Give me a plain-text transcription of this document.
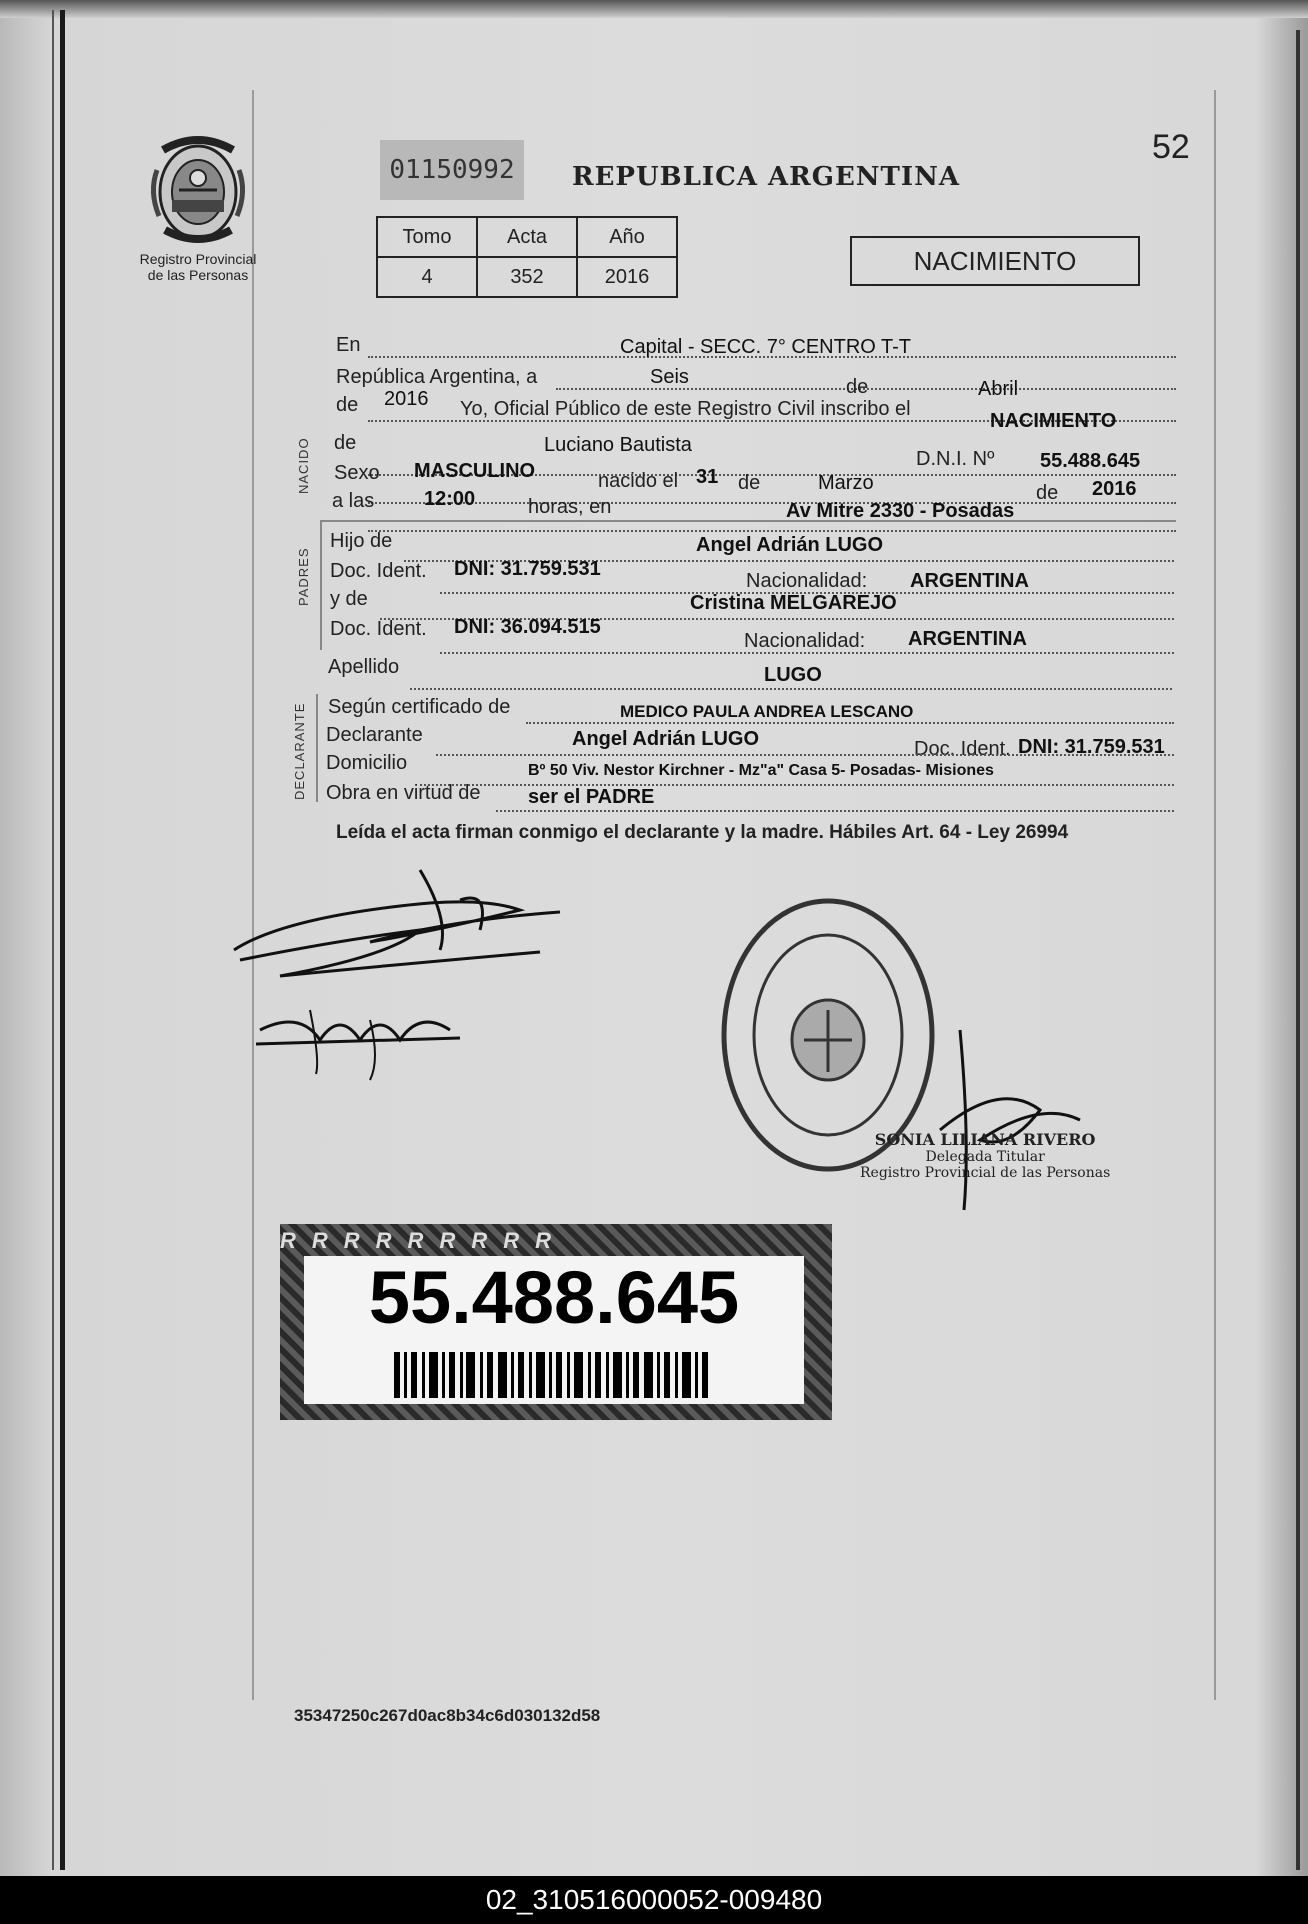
Registro Provincial
de las Personas
52
01150992	REPUBLICA ARGENTINA
Tomo	Acta	Año
4	352	2016
NACIMIENTO
En	Capital - SECC. 7° CENTRO T-T
República Argentina, a	Seis	de	Abril
de 2016 Yo, Oficial Público de este Registro Civil inscribo el
NACIMIENTO
NACIDO de	Luciano Bautista
D.N.I. Nº 55.488.645
Sexo MASCULINO	nacido el 31 de	Marzo	de 2016
a las 12:00	horas, en	Av Mitre 2330 - Posadas
PADRES
Hijo de	Angel Adrián LUGO
Doc. Ident. DNI: 31.759.531
Nacionalidad: ARGENTINA
y de	Cristina MELGAREJO
Doc. Ident. DNI: 36.094.515
Nacionalidad: ARGENTINA
Apellido	LUGO
DECLARANTE Según certificado de	MEDICO PAULA ANDREA LESCANO
Declarante	Angel Adrián LUGO	Doc. Ident. DNI: 31.759.531
Domicilio	Bº 50 Viv. Nestor Kirchner - Mz"a" Casa 5- Posadas- Misiones
Obra en virtud de ser el PADRE
Leída el acta firman conmigo el declarante y la madre. Hábiles Art. 64 - Ley 26994
SONIA LILIANA RIVERO
Delegada Titular
Registro Provincial de las Personas
RRRRRRRRR
55.488.645
35347250c267d0ac8b34c6d030132d58
02_310516000052-009480
